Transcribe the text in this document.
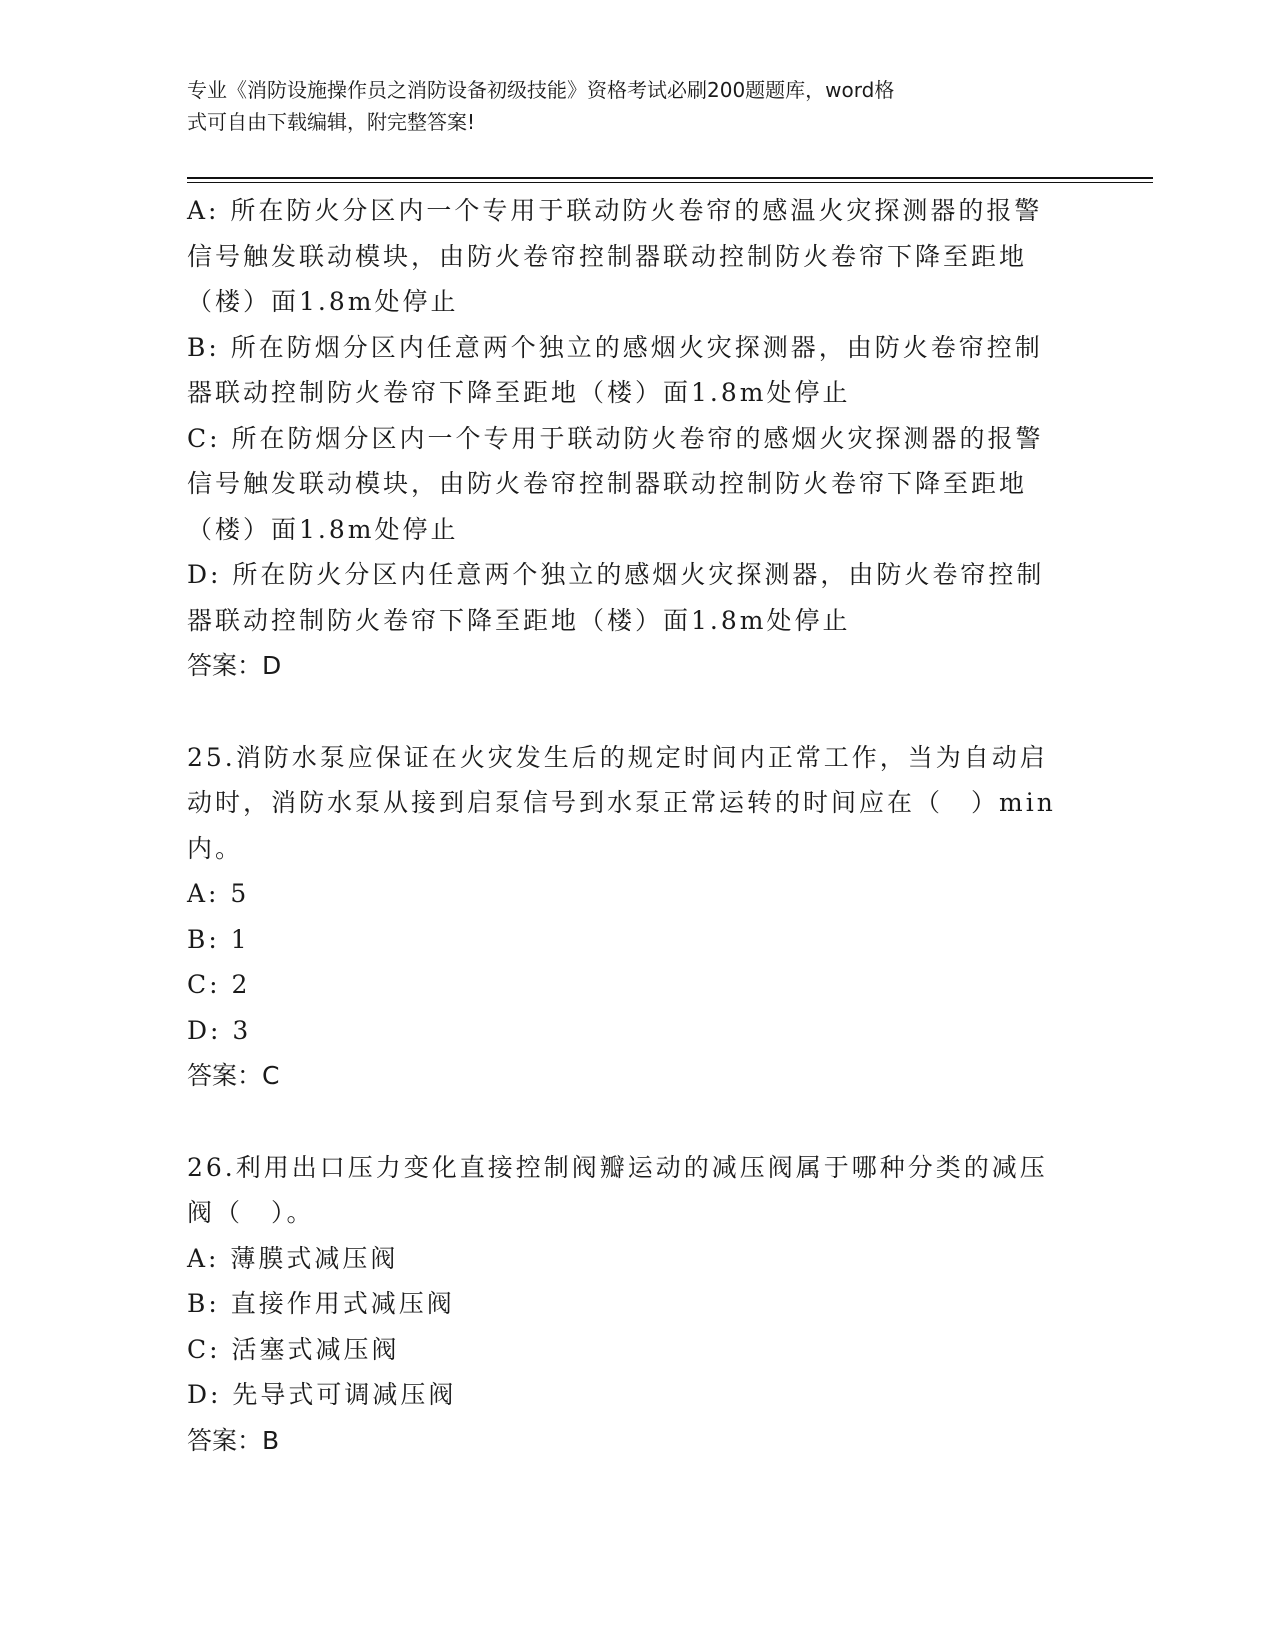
专业《消防设施操作员之消防设备初级技能》资格考试必刷200题题库，word格
式可自由下载编辑，附完整答案!

A: 所在防火分区内一个专用于联动防火卷帘的感温火灾探测器的报警

信号触发联动模块，由防火卷帘控制器联动控制防火卷帘下降至距地

（楼）面1.8m处停止

B: 所在防烟分区内任意两个独立的感烟火灾探测器，由防火卷帘控制

器联动控制防火卷帘下降至距地（楼）面1.8m处停止

C: 所在防烟分区内一个专用于联动防火卷帘的感烟火灾探测器的报警

信号触发联动模块，由防火卷帘控制器联动控制防火卷帘下降至距地

（楼）面1.8m处停止

D: 所在防火分区内任意两个独立的感烟火灾探测器，由防火卷帘控制

器联动控制防火卷帘下降至距地（楼）面1.8m处停止

答案：D

25.消防水泵应保证在火灾发生后的规定时间内正常工作，当为自动启

动时，消防水泵从接到启泵信号到水泵正常运转的时间应在（　）min

内。

A: 5

B: 1

C: 2

D: 3

答案：C

26.利用出口压力变化直接控制阀瓣运动的减压阀属于哪种分类的减压

阀（　）。

A: 薄膜式减压阀

B: 直接作用式减压阀

C: 活塞式减压阀

D: 先导式可调减压阀

答案：B
